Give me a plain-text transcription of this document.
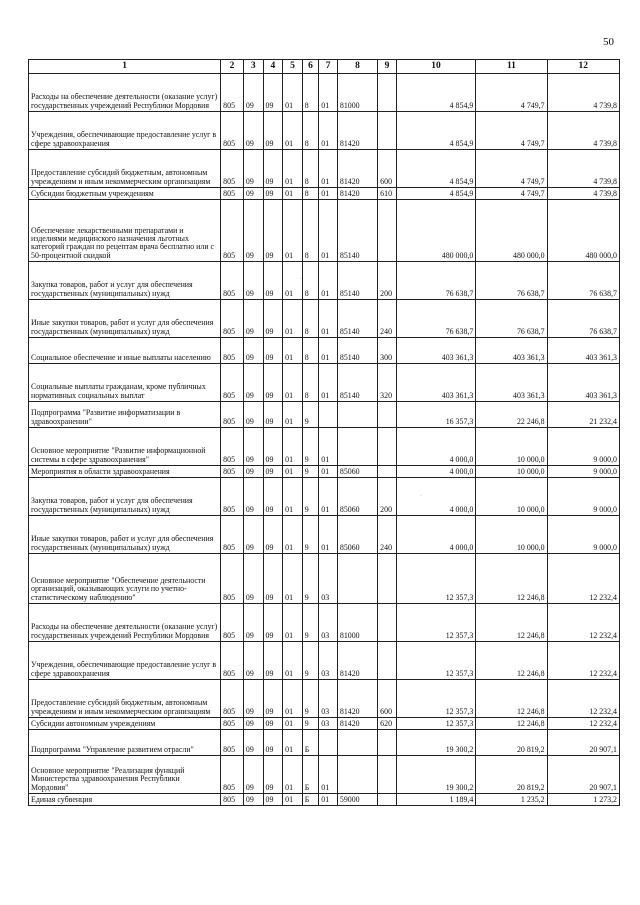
50
1	2	3	4	5	6	7	8	9	10	11	12
Расходы на обеспечение деятельности (оказание услуг) государственных учреждений Республики Мордовия	805	09	09	01	8	01	81000		4 854,9	4 749,7	4 739,8
Учреждения, обеспечивающие предоставление услуг в сфере здравоохранения	805	09	09	01	8	01	81420		4 854,9	4 749,7	4 739,8
Предоставление субсидий бюджетным, автономным учреждениям и иным некоммерческим организациям	805	09	09	01	8	01	81420	600	4 854,9	4 749,7	4 739,8
Субсидии бюджетным учреждениям	805	09	09	01	8	01	81420	610	4 854,9	4 749,7	4 739,8
Обеспечение лекарственными препаратами и изделиями медицинского назначения льготных категорий граждан по рецептам врача бесплатно или с 50-процентной скидкой	805	09	09	01	8	01	85140		480 000,0	480 000,0	480 000,0
Закупка товаров, работ и услуг для обеспечения государственных (муниципальных) нужд	805	09	09	01	8	01	85140	200	76 638,7	76 638,7	76 638,7
Иные закупки товаров, работ и услуг для обеспечения государственных (муниципальных) нужд	805	09	09	01	8	01	85140	240	76 638,7	76 638,7	76 638,7
Социальное обеспечение и иные выплаты населению	805	09	09	01	8	01	85140	300	403 361,3	403 361,3	403 361,3
Социальные выплаты гражданам, кроме публичных нормативных социальных выплат	805	09	09	01	8	01	85140	320	403 361,3	403 361,3	403 361,3
Подпрограмма "Развитие информатизации в здравоохранении"	805	09	09	01	9				16 357,3	22 246,8	21 232,4
Основное мероприятие "Развитие информационной системы в сфере здравоохранения"	805	09	09	01	9	01			4 000,0	10 000,0	9 000,0
Мероприятия в области здравоохранения	805	09	09	01	9	01	85060		4 000,0	10 000,0	9 000,0
Закупка товаров, работ и услуг для обеспечения государственных (муниципальных) нужд	805	09	09	01	9	01	85060	200	4 000,0	10 000,0	9 000,0
Иные закупки товаров, работ и услуг для обеспечения государственных (муниципальных) нужд	805	09	09	01	9	01	85060	240	4 000,0	10 000,0	9 000,0
Основное мероприятие "Обеспечение деятельности организаций, оказывающих услуги по учетно-статистическому наблюдению"	805	09	09	01	9	03			12 357,3	12 246,8	12 232,4
Расходы на обеспечение деятельности (оказание услуг) государственных учреждений Республики Мордовия	805	09	09	01	9	03	81000		12 357,3	12 246,8	12 232,4
Учреждения, обеспечивающие предоставление услуг в сфере здравоохранения	805	09	09	01	9	03	81420		12 357,3	12 246,8	12 232,4
Предоставление субсидий бюджетным, автономным учреждениям и иным некоммерческим организациям	805	09	09	01	9	03	81420	600	12 357,3	12 246,8	12 232,4
Субсидии автономным учреждениям	805	09	09	01	9	03	81420	620	12 357,3	12 246,8	12 232,4
Подпрограмма "Управление развитием отрасли"	805	09	09	01	Б				19 300,2	20 819,2	20 907,1
Основное мероприятие "Реализация функций Министерства здравоохранения Республики Мордовия"	805	09	09	01	Б	01			19 300,2	20 819,2	20 907,1
Единая субвенция	805	09	09	01	Б	01	59000		1 189,4	1 235,2	1 273,2
·
·
·
